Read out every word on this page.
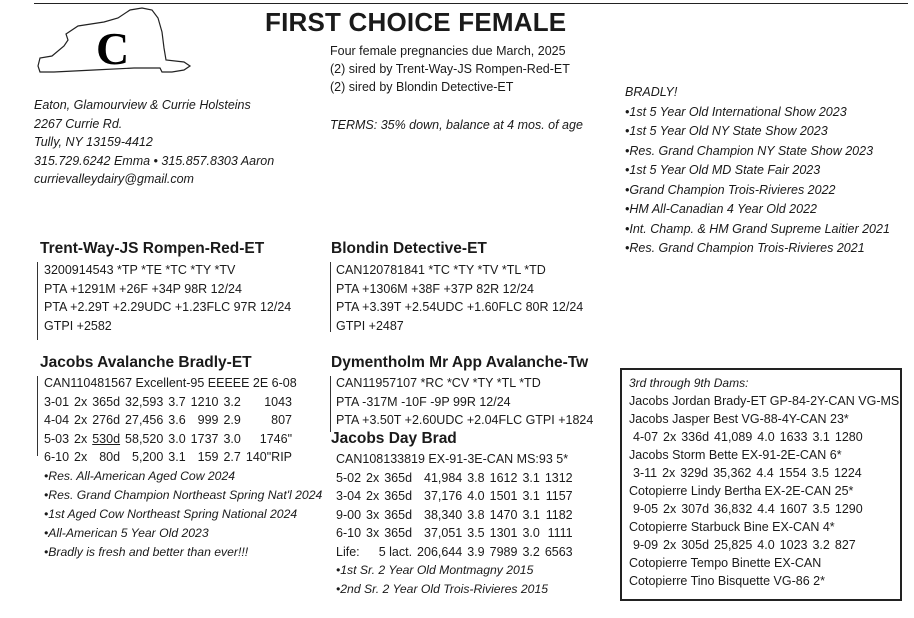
C
FIRST CHOICE FEMALE
Eaton, Glamourview & Currie Holsteins
2267 Currie Rd.
Tully, NY 13159-4412
315.729.6242 Emma • 315.857.8303 Aaron
currievalleydairy@gmail.com
Four female pregnancies due March, 2025
(2) sired by Trent-Way-JS Rompen-Red-ET
(2) sired by Blondin Detective-ET
TERMS: 35% down, balance at 4 mos. of age
BRADLY!
•1st 5 Year Old International Show 2023
•1st 5 Year Old NY State Show 2023
•Res. Grand Champion NY State Show 2023
•1st 5 Year Old MD State Fair 2023
•Grand Champion Trois-Rivieres 2022
•HM All-Canadian 4 Year Old 2022
•Int. Champ. & HM Grand Supreme Laitier 2021
•Res. Grand Champion Trois-Rivieres 2021
Trent-Way-JS Rompen-Red-ET
3200914543 *TP *TE *TC *TY *TV
PTA +1291M +26F +34P 98R 12/24
PTA +2.29T +2.29UDC +1.23FLC 97R 12/24
GTPI +2582
Blondin Detective-ET
CAN120781841 *TC *TY *TV *TL *TD
PTA +1306M +38F +37P 82R 12/24
PTA +3.39T +2.54UDC +1.60FLC 80R 12/24
GTPI +2487
Jacobs Avalanche Bradly-ET
CAN110481567 Excellent-95 EEEEE 2E 6-08
3-01	2x	365d	32,593	3.7	1210	3.2	1043
4-04	2x	276d	27,456	3.6	999	2.9	807
5-03	2x	530d	58,520	3.0	1737	3.0	1746"
6-10	2x	80d	5,200	3.1	159	2.7	140"RIP
•Res. All-American Aged Cow 2024
•Res. Grand Champion Northeast Spring Nat'l 2024
•1st Aged Cow Northeast Spring National 2024
•All-American 5 Year Old 2023
•Bradly is fresh and better than ever!!!
Dymentholm Mr App Avalanche-Tw
CAN11957107 *RC *CV *TY *TL *TD
PTA -317M -10F -9P 99R 12/24
PTA +3.50T +2.60UDC +2.04FLC GTPI +1824
Jacobs Day Brad
CAN108133819 EX-91-3E-CAN MS:93 5*
5-02	2x	365d	41,984	3.8	1612	3.1	1312
3-04	2x	365d	37,176	4.0	1501	3.1	1157
9-00	3x	365d	38,340	3.8	1470	3.1	1182
6-10	3x	365d	37,051	3.5	1301	3.0	1111
Life:	5 lact.		206,644	3.9	7989	3.2	6563
•1st Sr. 2 Year Old Montmagny 2015
•2nd Sr. 2 Year Old Trois-Rivieres 2015
3rd through 9th Dams:
Jacobs Jordan Brady-ET GP-84-2Y-CAN VG-MS
Jacobs Jasper Best VG-88-4Y-CAN 23*
4-07	2x	336d	41,089	4.0	1633	3.1	1280
Jacobs Storm Bette EX-91-2E-CAN 6*
3-11	2x	329d	35,362	4.4	1554	3.5	1224
Cotopierre Lindy Bertha EX-2E-CAN 25*
9-05	2x	307d	36,832	4.4	1607	3.5	1290
Cotopierre Starbuck Bine EX-CAN 4*
9-09	2x	305d	25,825	4.0	1023	3.2	827
Cotopierre Tempo Binette EX-CAN
Cotopierre Tino Bisquette VG-86 2*
